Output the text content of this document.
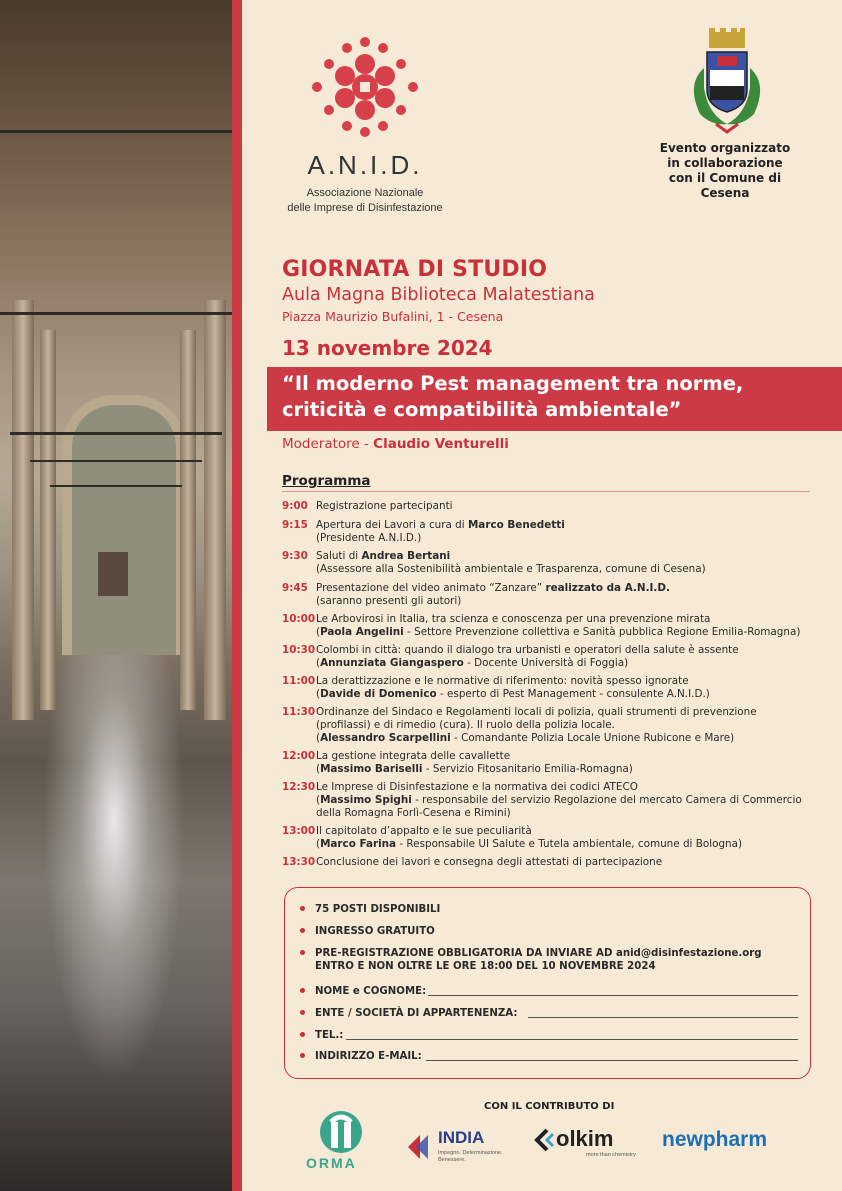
A.N.I.D.
Associazione Nazionale
delle Imprese di Disinfestazione
Evento organizzato
in collaborazione
con il Comune di Cesena
GIORNATA DI STUDIO
Aula Magna Biblioteca Malatestiana
Piazza Maurizio Bufalini, 1 - Cesena
13 novembre 2024
“Il moderno Pest management tra norme,
criticità e compatibilità ambientale”
Moderatore - Claudio Venturelli
Programma
9:00 Registrazione partecipanti
9:15 Apertura dei Lavori a cura di Marco Benedetti
(Presidente A.N.I.D.)
9:30 Saluti di Andrea Bertani
(Assessore alla Sostenibilità ambientale e Trasparenza, comune di Cesena)
9:45 Presentazione del video animato “Zanzare” realizzato da A.N.I.D.
(saranno presenti gli autori)
10:00 Le Arbovirosi in Italia, tra scienza e conoscenza per una prevenzione mirata
(Paola Angelini - Settore Prevenzione collettiva e Sanità pubblica Regione Emilia-Romagna)
10:30 Colombi in città: quando il dialogo tra urbanisti e operatori della salute è assente
(Annunziata Giangaspero - Docente Università di Foggia)
11:00 La derattizzazione e le normative di riferimento: novità spesso ignorate
(Davide di Domenico - esperto di Pest Management - consulente A.N.I.D.)
11:30 Ordinanze del Sindaco e Regolamenti locali di polizia, quali strumenti di prevenzione
(profilassi) e di rimedio (cura). Il ruolo della polizia locale.
(Alessandro Scarpellini - Comandante Polizia Locale Unione Rubicone e Mare)
12:00 La gestione integrata delle cavallette
(Massimo Bariselli - Servizio Fitosanitario Emilia-Romagna)
12:30 Le Imprese di Disinfestazione e la normativa dei codici ATECO
(Massimo Spighi - responsabile del servizio Regolazione del mercato Camera di Commercio
della Romagna Forlì-Cesena e Rimini)
13:00 Il capitolato d’appalto e le sue peculiarità
(Marco Farina - Responsabile UI Salute e Tutela ambientale, comune di Bologna)
13:30 Conclusione dei lavori e consegna degli attestati di partecipazione
75 POSTI DISPONIBILI
INGRESSO GRATUITO
PRE-REGISTRAZIONE OBBLIGATORIA DA INVIARE AD anid@disinfestazione.org
ENTRO E NON OLTRE LE ORE 18:00 DEL 10 NOVEMBRE 2024
NOME e COGNOME:
ENTE / SOCIETÀ DI APPARTENENZA:
TEL.:
INDIRIZZO E-MAIL:
CON IL CONTRIBUTO DI
ORMA
INDIA
Impegno. Determinazione. Benessere.
olkim
more than chemistry
newpharm
